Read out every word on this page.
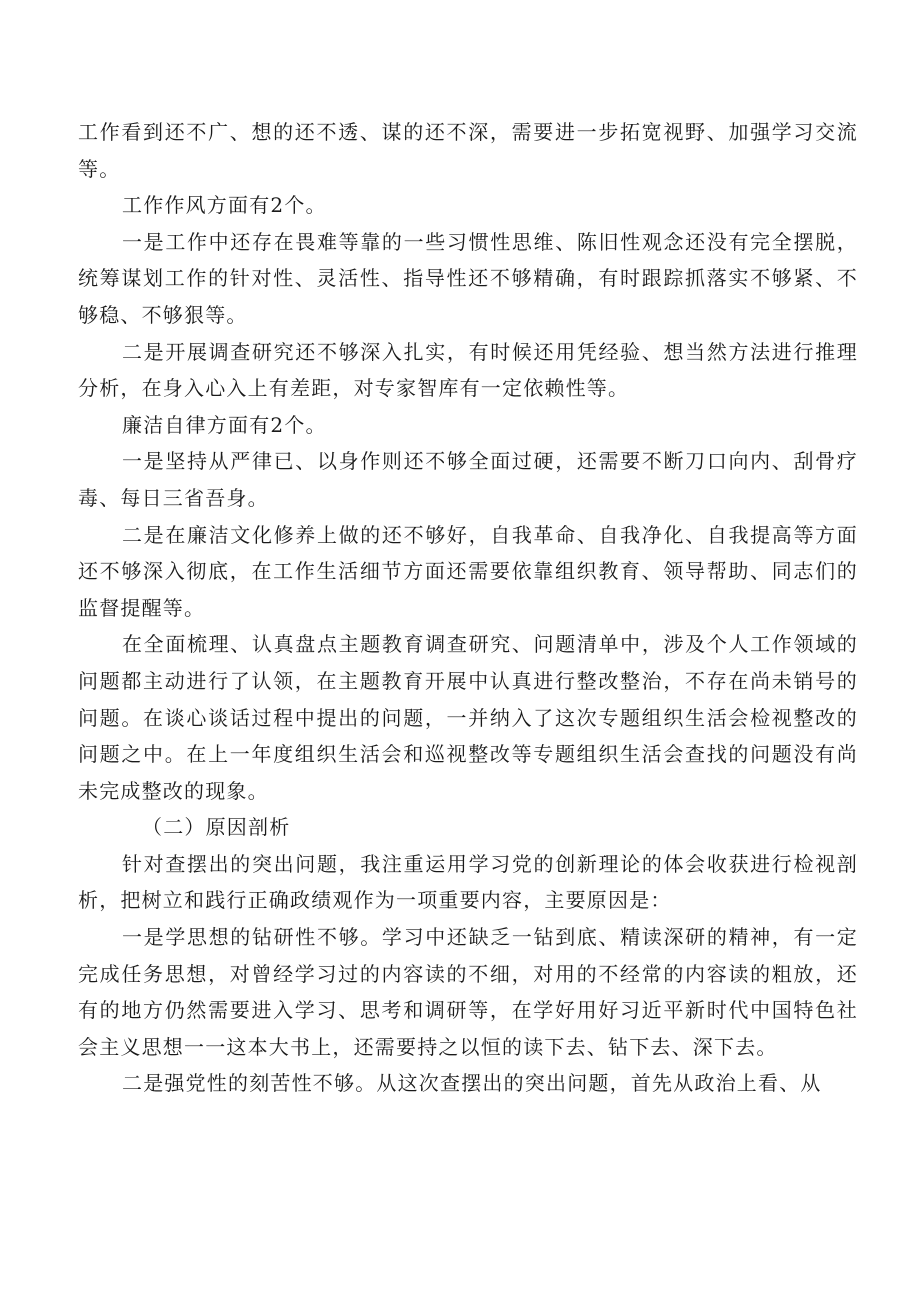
工作看到还不广、想的还不透、谋的还不深，需要进一步拓宽视野、加强学习交流等。

工作作风方面有2个。

一是工作中还存在畏难等靠的一些习惯性思维、陈旧性观念还没有完全摆脱，统筹谋划工作的针对性、灵活性、指导性还不够精确，有时跟踪抓落实不够紧、不够稳、不够狠等。

二是开展调查研究还不够深入扎实，有时候还用凭经验、想当然方法进行推理分析，在身入心入上有差距，对专家智库有一定依赖性等。

廉洁自律方面有2个。

一是坚持从严律已、以身作则还不够全面过硬，还需要不断刀口向内、刮骨疗毒、每日三省吾身。

二是在廉洁文化修养上做的还不够好，自我革命、自我净化、自我提高等方面还不够深入彻底，在工作生活细节方面还需要依靠组织教育、领导帮助、同志们的监督提醒等。

在全面梳理、认真盘点主题教育调查研究、问题清单中，涉及个人工作领域的问题都主动进行了认领，在主题教育开展中认真进行整改整治，不存在尚未销号的问题。在谈心谈话过程中提出的问题，一并纳入了这次专题组织生活会检视整改的问题之中。在上一年度组织生活会和巡视整改等专题组织生活会查找的问题没有尚未完成整改的现象。

（二）原因剖析

针对查摆出的突出问题，我注重运用学习党的创新理论的体会收获进行检视剖析，把树立和践行正确政绩观作为一项重要内容，主要原因是：

一是学思想的钻研性不够。学习中还缺乏一钻到底、精读深研的精神，有一定完成任务思想，对曾经学习过的内容读的不细，对用的不经常的内容读的粗放，还有的地方仍然需要进入学习、思考和调研等，在学好用好习近平新时代中国特色社会主义思想一一这本大书上，还需要持之以恒的读下去、钻下去、深下去。

二是强党性的刻苦性不够。从这次查摆出的突出问题，首先从政治上看、从
